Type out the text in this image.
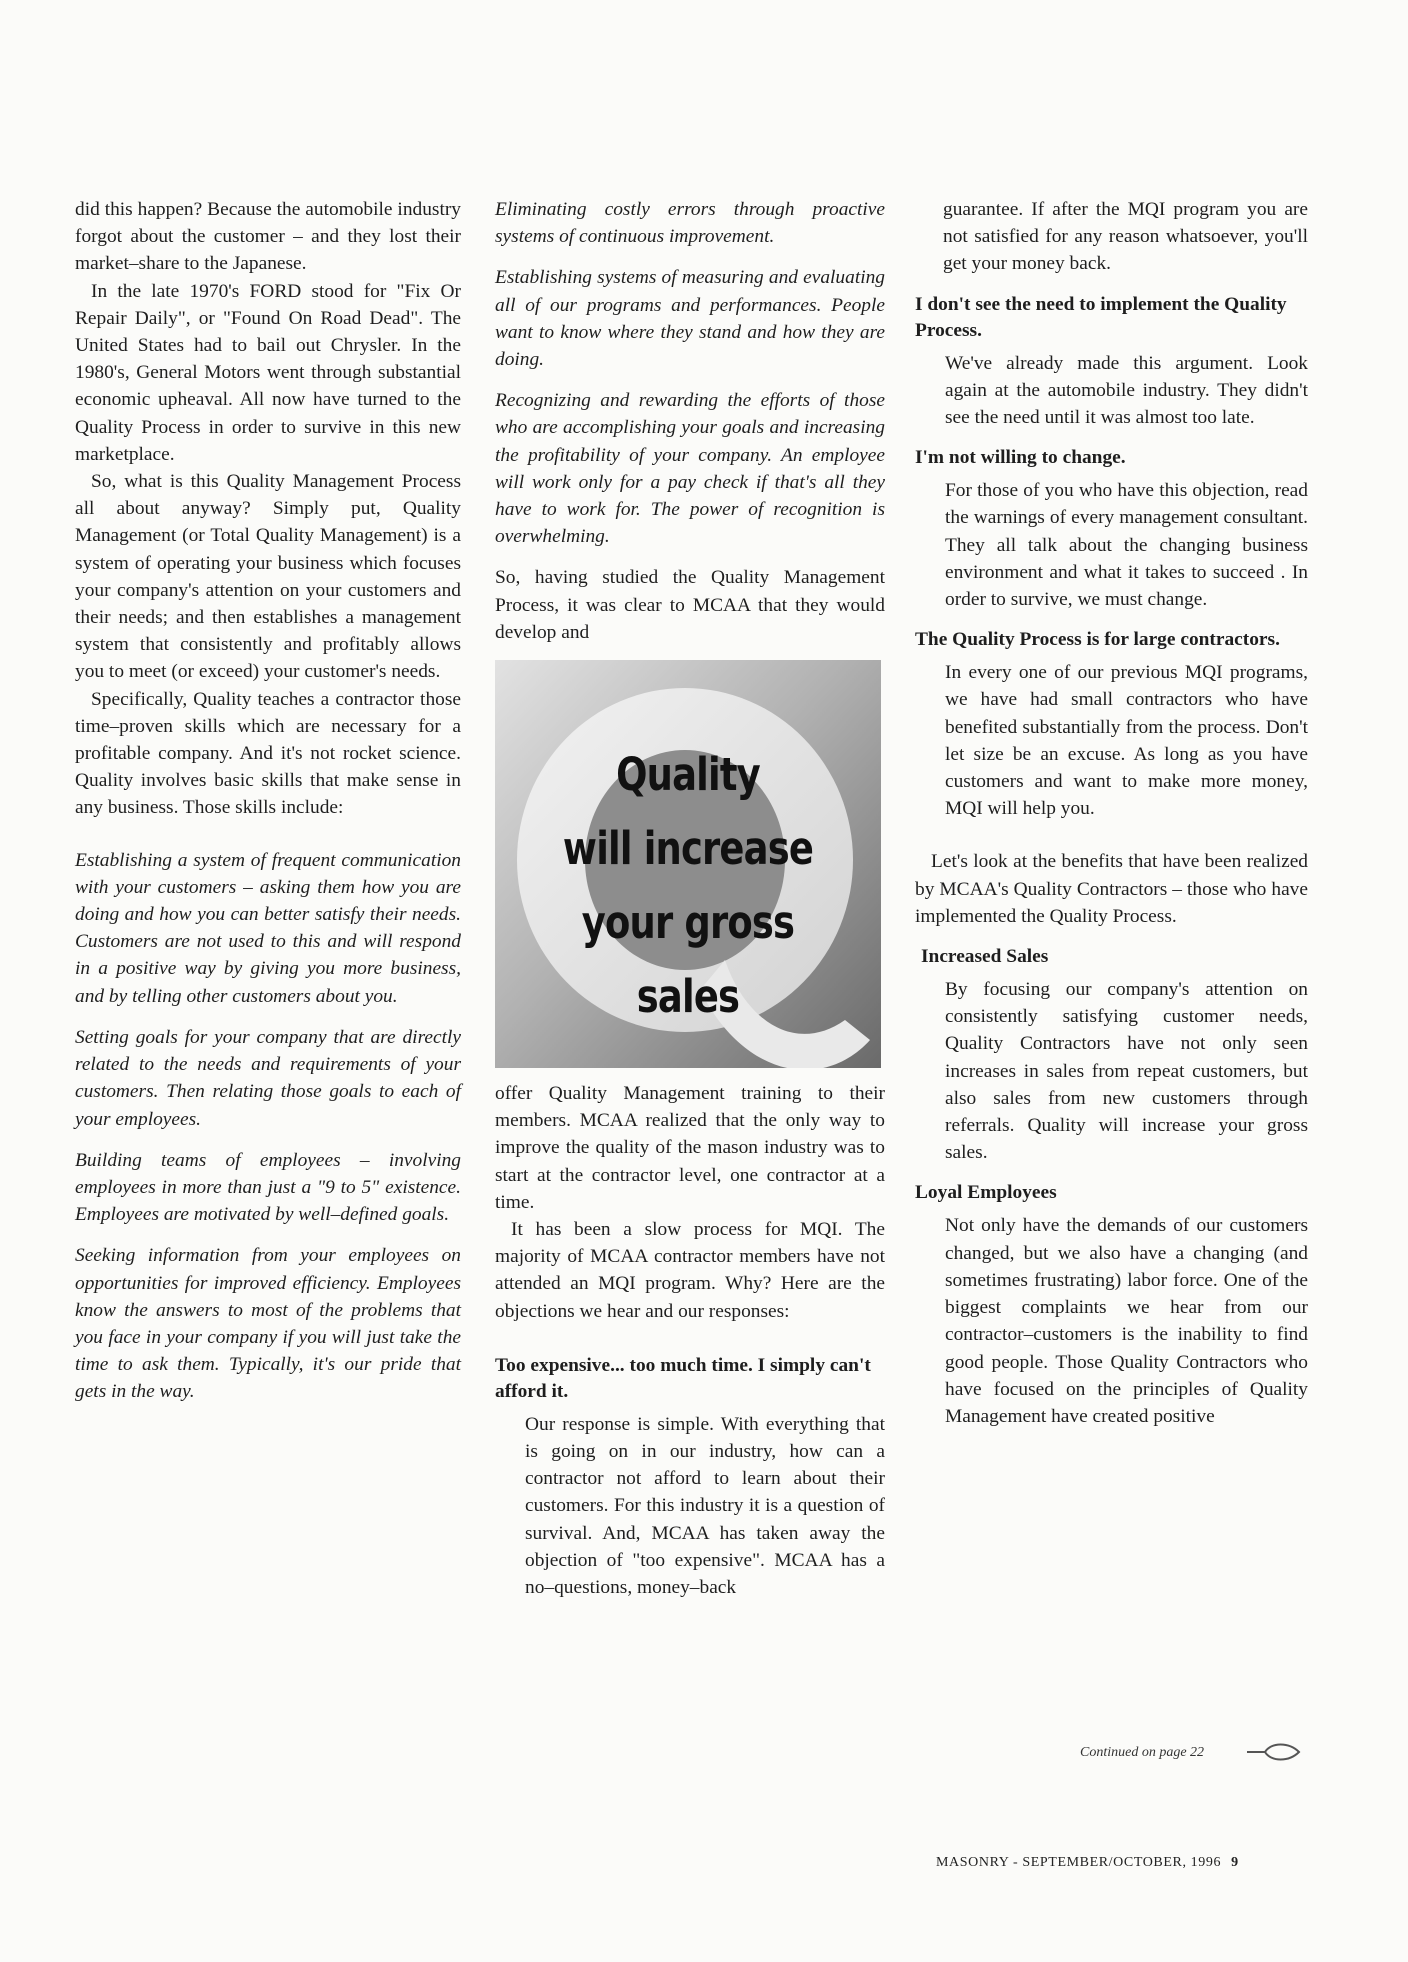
did this happen? Because the automobile industry forgot about the customer – and they lost their market–share to the Japanese.

In the late 1970's FORD stood for "Fix Or Repair Daily", or "Found On Road Dead". The United States had to bail out Chrysler. In the 1980's, General Motors went through substantial economic upheaval. All now have turned to the Quality Process in order to survive in this new marketplace.

So, what is this Quality Management Process all about anyway? Simply put, Quality Management (or Total Quality Management) is a system of operating your business which focuses your company's attention on your customers and their needs; and then establishes a management system that consistently and profitably allows you to meet (or exceed) your customer's needs.

Specifically, Quality teaches a contractor those time–proven skills which are necessary for a profitable company. And it's not rocket science. Quality involves basic skills that make sense in any business. Those skills include:

Establishing a system of frequent communication with your customers – asking them how you are doing and how you can better satisfy their needs. Customers are not used to this and will respond in a positive way by giving you more business, and by telling other customers about you.

Setting goals for your company that are directly related to the needs and requirements of your customers. Then relating those goals to each of your employees.

Building teams of employees – involving employees in more than just a "9 to 5" existence. Employees are motivated by well–defined goals.

Seeking information from your employees on opportunities for improved efficiency. Employees know the answers to most of the problems that you face in your company if you will just take the time to ask them. Typically, it's our pride that gets in the way.

Eliminating costly errors through proactive systems of continuous improvement.

Establishing systems of measuring and evaluating all of our programs and performances. People want to know where they stand and how they are doing.

Recognizing and rewarding the efforts of those who are accomplishing your goals and increasing the profitability of your company. An employee will work only for a pay check if that's all they have to work for. The power of recognition is overwhelming.

So, having studied the Quality Management Process, it was clear to MCAA that they would develop and

Quality
will increase
your gross
sales

offer Quality Management training to their members. MCAA realized that the only way to improve the quality of the mason industry was to start at the contractor level, one contractor at a time.

It has been a slow process for MQI. The majority of MCAA contractor members have not attended an MQI program. Why? Here are the objections we hear and our responses:

Too expensive... too much time. I simply can't afford it.

Our response is simple. With everything that is going on in our industry, how can a contractor not afford to learn about their customers. For this industry it is a question of survival. And, MCAA has taken away the objection of "too expensive". MCAA has a no–questions, money–back

guarantee. If after the MQI program you are not satisfied for any reason whatsoever, you'll get your money back.

I don't see the need to implement the Quality Process.

We've already made this argument. Look again at the automobile industry. They didn't see the need until it was almost too late.

I'm not willing to change.

For those of you who have this objection, read the warnings of every management consultant. They all talk about the changing business environment and what it takes to succeed . In order to survive, we must change.

The Quality Process is for large contractors.

In every one of our previous MQI programs, we have had small contractors who have benefited substantially from the process. Don't let size be an excuse. As long as you have customers and want to make more money, MQI will help you.

Let's look at the benefits that have been realized by MCAA's Quality Contractors – those who have implemented the Quality Process.

Increased Sales

By focusing our company's attention on consistently satisfying customer needs, Quality Contractors have not only seen increases in sales from repeat customers, but also sales from new customers through referrals. Quality will increase your gross sales.

Loyal Employees

Not only have the demands of our customers changed, but we also have a changing (and sometimes frustrating) labor force. One of the biggest complaints we hear from our contractor–customers is the inability to find good people. Those Quality Contractors who have focused on the principles of Quality Management have created positive

Continued on page 22
MASONRY - SEPTEMBER/OCTOBER, 1996 9
